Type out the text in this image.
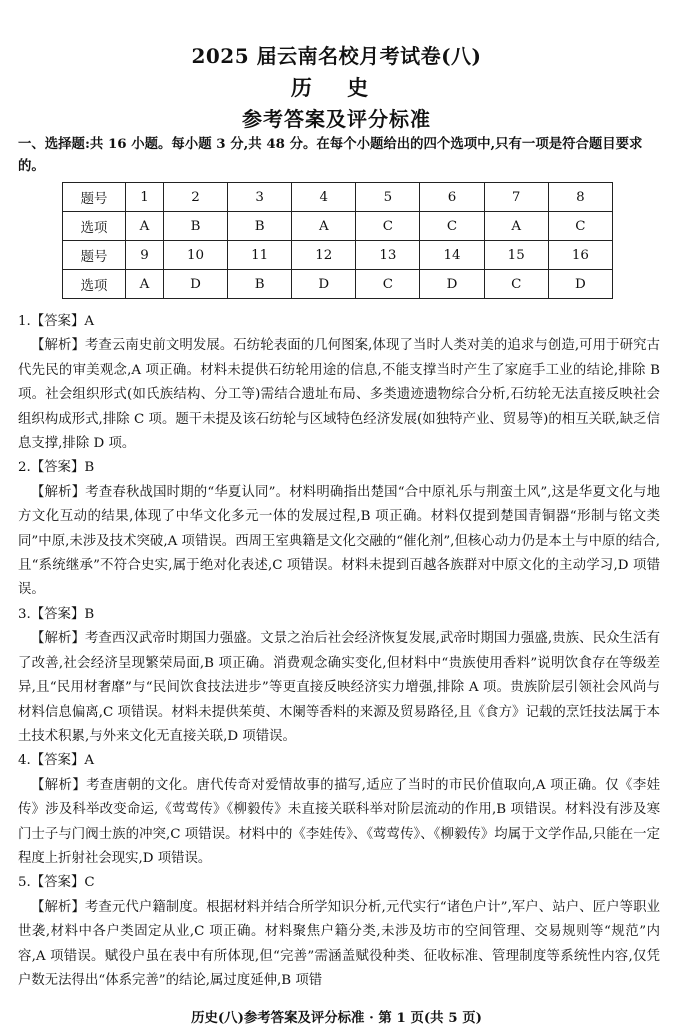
2025 届云南名校月考试卷(八)
历 史
参考答案及评分标准
一、选择题:共 16 小题。每小题 3 分,共 48 分。在每个小题给出的四个选项中,只有一项是符合题目要求的。
题号	1	2	3	4	5	6	7	8
选项	A	B	B	A	C	C	A	C
题号	9	10	11	12	13	14	15	16
选项	A	D	B	D	C	D	C	D

1.【答案】A

【解析】考查云南史前文明发展。石纺轮表面的几何图案,体现了当时人类对美的追求与创造,可用于研究古代先民的审美观念,A 项正确。材料未提供石纺轮用途的信息,不能支撑当时产生了家庭手工业的结论,排除 B 项。社会组织形式(如氏族结构、分工等)需结合遗址布局、多类遗迹遗物综合分析,石纺轮无法直接反映社会组织构成形式,排除 C 项。题干未提及该石纺轮与区域特色经济发展(如独特产业、贸易等)的相互关联,缺乏信息支撑,排除 D 项。

2.【答案】B

【解析】考查春秋战国时期的“华夏认同”。材料明确指出楚国“合中原礼乐与荆蛮土风”,这是华夏文化与地方文化互动的结果,体现了中华文化多元一体的发展过程,B 项正确。材料仅提到楚国青铜器“形制与铭文类同”中原,未涉及技术突破,A 项错误。西周王室典籍是文化交融的“催化剂”,但核心动力仍是本土与中原的结合,且“系统继承”不符合史实,属于绝对化表述,C 项错误。材料未提到百越各族群对中原文化的主动学习,D 项错误。

3.【答案】B

【解析】考查西汉武帝时期国力强盛。文景之治后社会经济恢复发展,武帝时期国力强盛,贵族、民众生活有了改善,社会经济呈现繁荣局面,B 项正确。消费观念确实变化,但材料中“贵族使用香料”说明饮食存在等级差异,且“民用材奢靡”与“民间饮食技法进步”等更直接反映经济实力增强,排除 A 项。贵族阶层引领社会风尚与材料信息偏离,C 项错误。材料未提供茱萸、木阑等香料的来源及贸易路径,且《食方》记载的烹饪技法属于本土技术积累,与外来文化无直接关联,D 项错误。

4.【答案】A

【解析】考查唐朝的文化。唐代传奇对爱情故事的描写,适应了当时的市民价值取向,A 项正确。仅《李娃传》涉及科举改变命运,《莺莺传》《柳毅传》未直接关联科举对阶层流动的作用,B 项错误。材料没有涉及寒门士子与门阀士族的冲突,C 项错误。材料中的《李娃传》、《莺莺传》、《柳毅传》均属于文学作品,只能在一定程度上折射社会现实,D 项错误。

5.【答案】C

【解析】考查元代户籍制度。根据材料并结合所学知识分析,元代实行“诸色户计”,军户、站户、匠户等职业世袭,材料中各户类固定从业,C 项正确。材料聚焦户籍分类,未涉及坊市的空间管理、交易规则等“规范”内容,A 项错误。赋役户虽在表中有所体现,但“完善”需涵盖赋役种类、征收标准、管理制度等系统性内容,仅凭户数无法得出“体系完善”的结论,属过度延伸,B 项错

历史(八)参考答案及评分标准 · 第 1 页(共 5 页)
